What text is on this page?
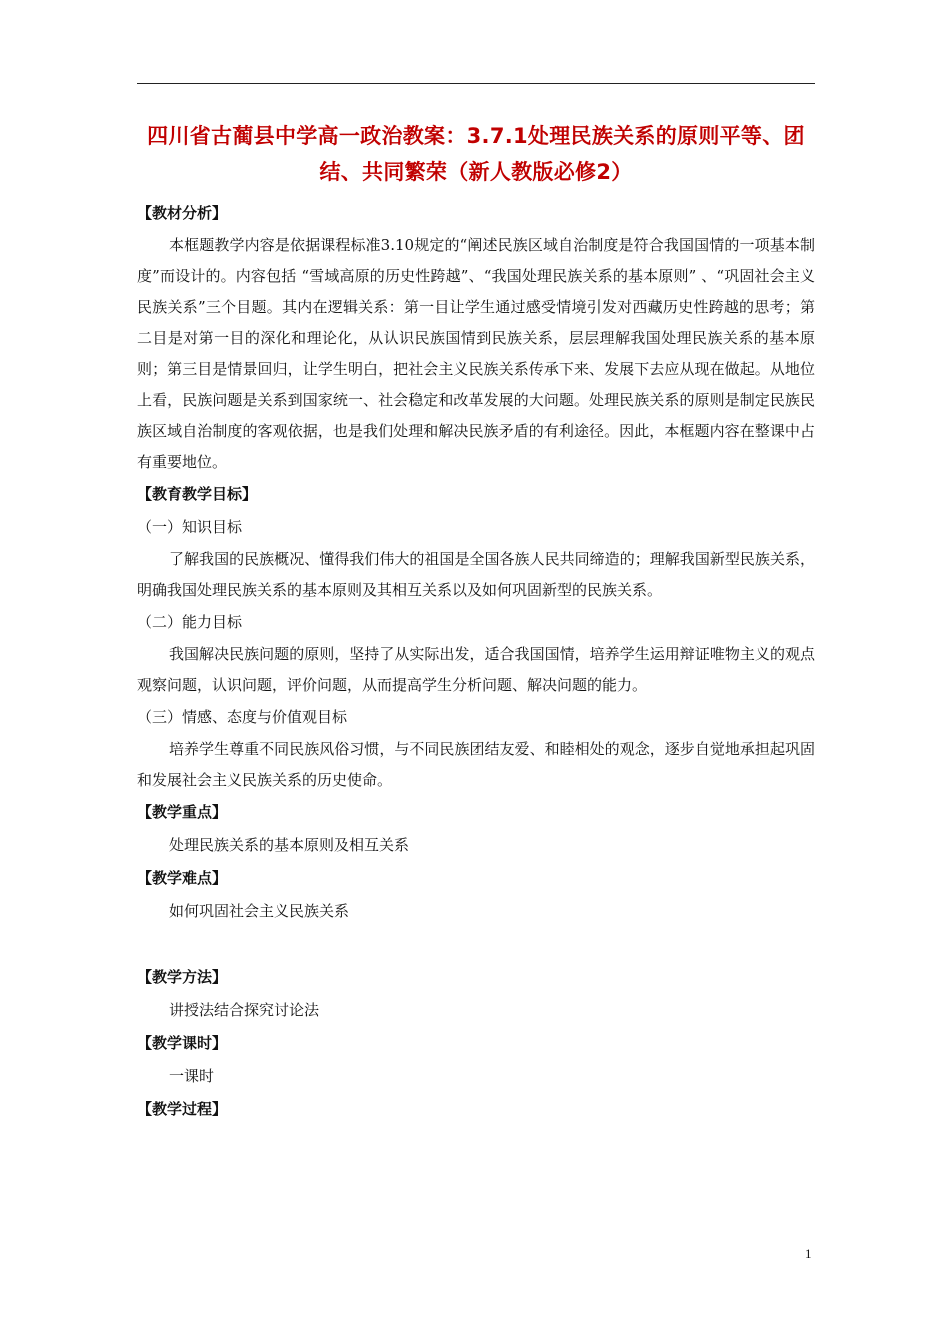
四川省古蔺县中学高一政治教案：3.7.1处理民族关系的原则平等、团结、共同繁荣（新人教版必修2）
【教材分析】

本框题教学内容是依据课程标准3.10规定的“阐述民族区域自治制度是符合我国国情的一项基本制度”而设计的。内容包括 “雪域高原的历史性跨越”、“我国处理民族关系的基本原则” 、“巩固社会主义民族关系”三个目题。其内在逻辑关系：第一目让学生通过感受情境引发对西藏历史性跨越的思考；第二目是对第一目的深化和理论化，从认识民族国情到民族关系，层层理解我国处理民族关系的基本原则；第三目是情景回归，让学生明白，把社会主义民族关系传承下来、发展下去应从现在做起。从地位上看，民族问题是关系到国家统一、社会稳定和改革发展的大问题。处理民族关系的原则是制定民族民族区域自治制度的客观依据，也是我们处理和解决民族矛盾的有利途径。因此，本框题内容在整课中占有重要地位。

【教育教学目标】
（一）知识目标

了解我国的民族概况、懂得我们伟大的祖国是全国各族人民共同缔造的；理解我国新型民族关系，明确我国处理民族关系的基本原则及其相互关系以及如何巩固新型的民族关系。

（二）能力目标

我国解决民族问题的原则，坚持了从实际出发，适合我国国情，培养学生运用辩证唯物主义的观点观察问题，认识问题，评价问题，从而提高学生分析问题、解决问题的能力。

（三）情感、态度与价值观目标

培养学生尊重不同民族风俗习惯，与不同民族团结友爱、和睦相处的观念，逐步自觉地承担起巩固和发展社会主义民族关系的历史使命。

【教学重点】
处理民族关系的基本原则及相互关系
【教学难点】
如何巩固社会主义民族关系
【教学方法】
讲授法结合探究讨论法
【教学课时】
一课时
【教学过程】
1
